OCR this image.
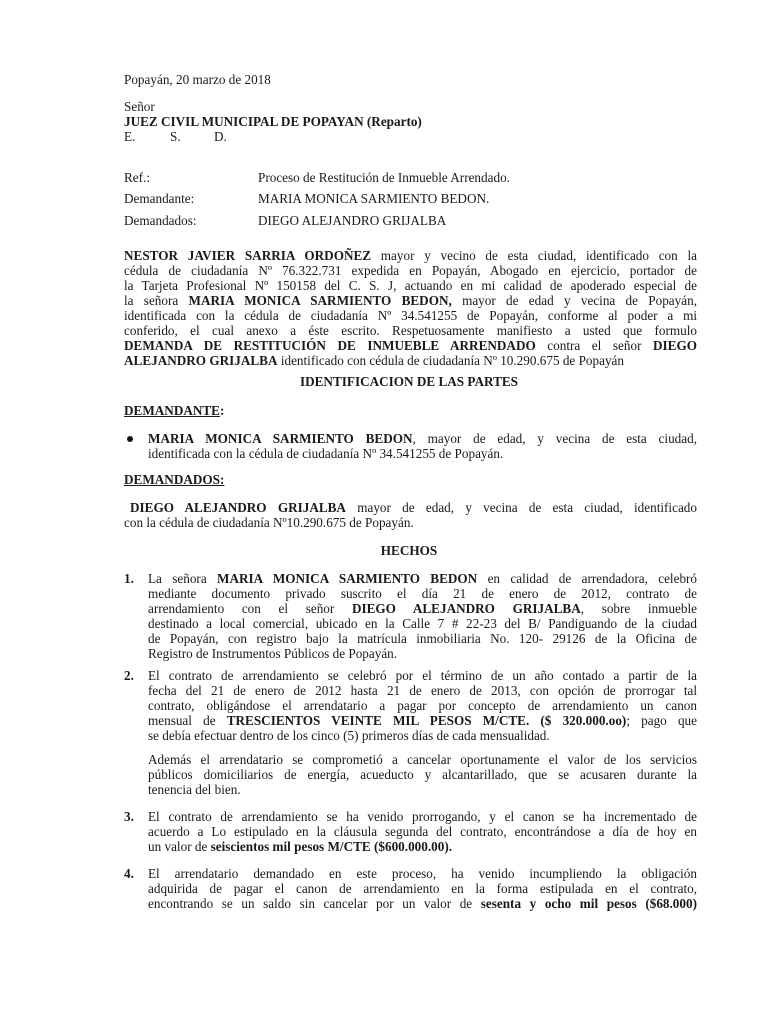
Popayán, 20 marzo de 2018
Señor
JUEZ CIVIL MUNICIPAL DE POPAYAN (Reparto)
E.	S.	D.
Ref.:	Proceso de Restitución de Inmueble Arrendado.
Demandante:	MARIA MONICA SARMIENTO BEDON.
Demandados:	DIEGO ALEJANDRO GRIJALBA
NESTOR JAVIER SARRIA ORDOÑEZ mayor y vecino de esta ciudad, identificado con la
cédula de ciudadanía Nº 76.322.731 expedida en Popayán, Abogado en ejercicio, portador de
la Tarjeta Profesional Nº 150158 del C. S. J, actuando en mi calidad de apoderado especial de
la señora MARIA MONICA SARMIENTO BEDON, mayor de edad y vecina de Popayán,
identificada con la cédula de ciudadanía Nº 34.541255 de Popayán, conforme al poder a mi
conferido, el cual anexo a éste escrito. Respetuosamente manifiesto a usted que formulo
DEMANDA DE RESTITUCIÓN DE INMUEBLE ARRENDADO contra el señor DIEGO
ALEJANDRO GRIJALBA identificado con cédula de ciudadanía Nº 10.290.675 de Popayán
IDENTIFICACION DE LAS PARTES
DEMANDANTE:
MARIA MONICA SARMIENTO BEDON, mayor de edad, y vecina de esta ciudad,
identificada con la cédula de ciudadanía Nº 34.541255 de Popayán.
DEMANDADOS:
DIEGO ALEJANDRO GRIJALBA mayor de edad, y vecina de esta ciudad, identificado
con la cédula de ciudadanía Nº10.290.675 de Popayán.
HECHOS
1. La señora MARIA MONICA SARMIENTO BEDON en calidad de arrendadora, celebró
mediante documento privado suscrito el día 21 de enero de 2012, contrato de
arrendamiento con el señor DIEGO ALEJANDRO GRIJALBA, sobre inmueble
destinado a local comercial, ubicado en la Calle 7 # 22-23 del B/ Pandiguando de la ciudad
de Popayán, con registro bajo la matrícula inmobiliaria No. 120- 29126 de la Oficina de
Registro de Instrumentos Públicos de Popayán.
2. El contrato de arrendamiento se celebró por el término de un año contado a partir de la
fecha del 21 de enero de 2012 hasta 21 de enero de 2013, con opción de prorrogar tal
contrato, obligándose el arrendatario a pagar por concepto de arrendamiento un canon
mensual de TRESCIENTOS VEINTE MIL PESOS M/CTE. ($ 320.000.oo); pago que
se debía efectuar dentro de los cinco (5) primeros días de cada mensualidad.
Además el arrendatario se comprometió a cancelar oportunamente el valor de los servicios
públicos domiciliarios de energía, acueducto y alcantarillado, que se acusaren durante la
tenencia del bien.
3. El contrato de arrendamiento se ha venido prorrogando, y el canon se ha incrementado de
acuerdo a Lo estipulado en la cláusula segunda del contrato, encontrándose a día de hoy en
un valor de seiscientos mil pesos M/CTE ($600.000.00).
4. El arrendatario demandado en este proceso, ha venido incumpliendo la obligación
adquirida de pagar el canon de arrendamiento en la forma estipulada en el contrato,
encontrando se un saldo sin cancelar por un valor de sesenta y ocho mil pesos ($68.000)
